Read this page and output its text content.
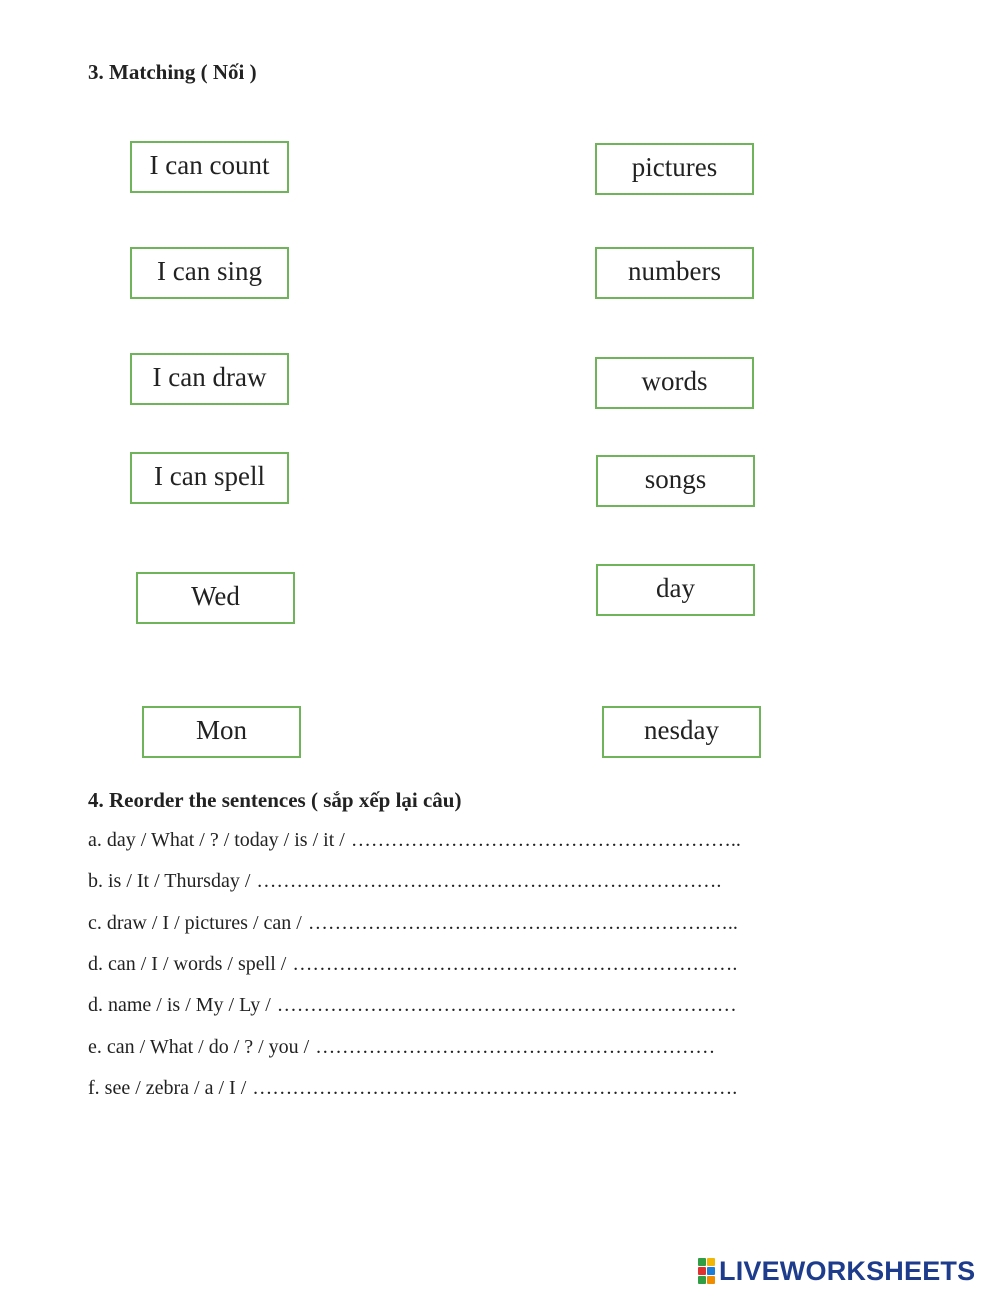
3. Matching ( Nối )
I can count
I can sing
I can draw
I can spell
Wed
Mon
pictures
numbers
words
songs
day
nesday
4. Reorder the sentences ( sắp xếp lại câu)
a. day / What / ? / today / is / it / …………………………………………………..
b. is / It / Thursday / …………………………………………………………….
c. draw / I / pictures / can / ………………………………………………………..
d. can / I / words / spell / ………………………………………………………….
d. name / is / My / Ly / ……………………………………………………………
e. can / What / do / ? / you / ……………………………………………………
f. see / zebra / a / I / ……………………………………………………………….
LIVEWORKSHEETS
